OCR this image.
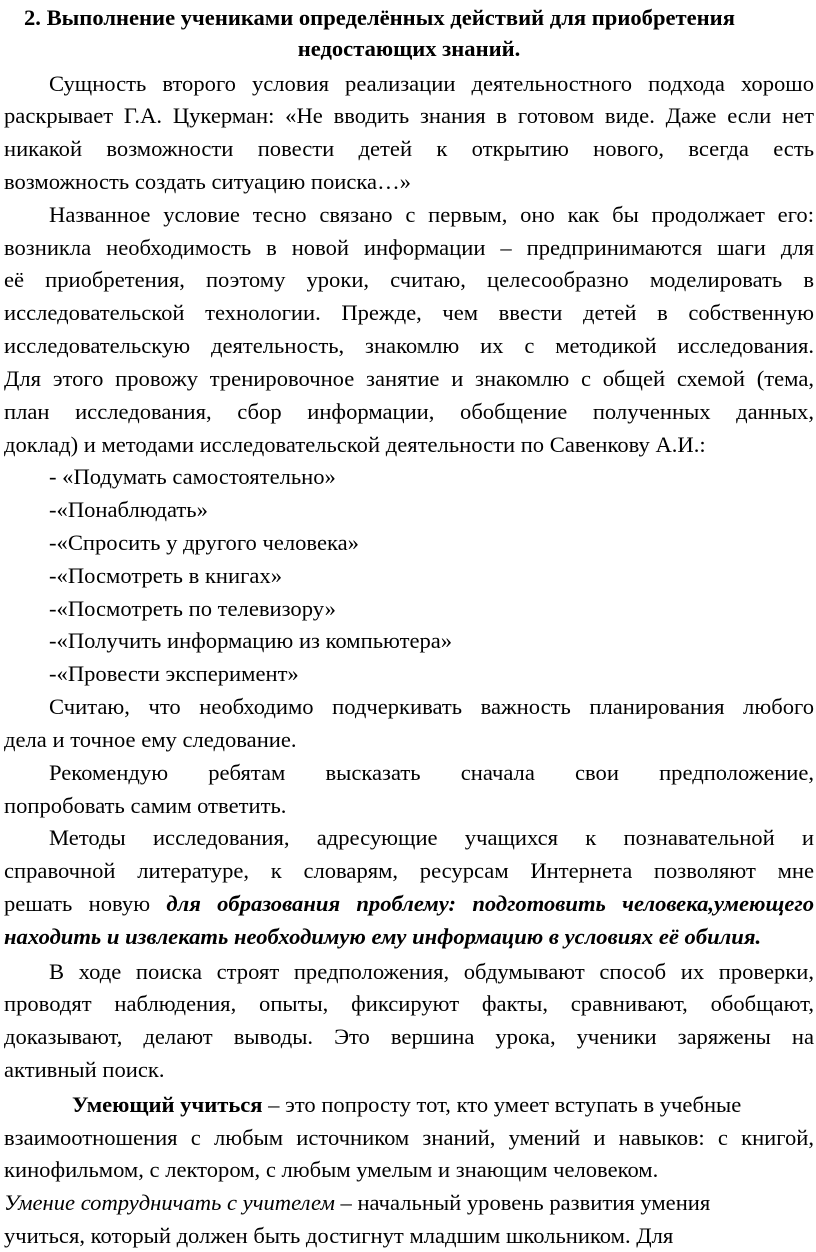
2. Выполнение учениками определённых действий для приобретения
недостающих знаний.
Сущность второго условия реализации деятельностного подхода хорошо
раскрывает Г.А. Цукерман: «Не вводить знания в готовом виде. Даже если нет
никакой возможности повести детей к открытию нового, всегда есть
возможность создать ситуацию поиска…»
Названное условие тесно связано с первым, оно как бы продолжает его:
возникла необходимость в новой информации – предпринимаются шаги для
её приобретения, поэтому уроки, считаю, целесообразно моделировать в
исследовательской технологии. Прежде, чем ввести детей в собственную
исследовательскую деятельность, знакомлю их с методикой исследования.
Для этого провожу тренировочное занятие и знакомлю с общей схемой (тема,
план исследования, сбор информации, обобщение полученных данных,
доклад) и методами исследовательской деятельности по Савенкову А.И.:
- «Подумать самостоятельно»
-«Понаблюдать»
-«Спросить у другого человека»
-«Посмотреть в книгах»
-«Посмотреть по телевизору»
-«Получить информацию из компьютера»
-«Провести эксперимент»
Считаю, что необходимо подчеркивать важность планирования любого
дела и точное ему следование.
Рекомендую ребятам высказать сначала свои предположение,
попробовать самим ответить.
Методы исследования, адресующие учащихся к познавательной и
справочной литературе, к словарям, ресурсам Интернета позволяют мне
решать новую для образования проблему: подготовить человека,умеющего
находить и извлекать необходимую ему информацию в условиях её обилия.
В ходе поиска строят предположения, обдумывают способ их проверки,
проводят наблюдения, опыты, фиксируют факты, сравнивают, обобщают,
доказывают, делают выводы. Это вершина урока, ученики заряжены на
активный поиск.
Умеющий учиться – это попросту тот, кто умеет вступать в учебные
взаимоотношения с любым источником знаний, умений и навыков: с книгой,
кинофильмом, с лектором, с любым умелым и знающим человеком.
Умение сотрудничать с учителем – начальный уровень развития умения
учиться, который должен быть достигнут младшим школьником. Для
